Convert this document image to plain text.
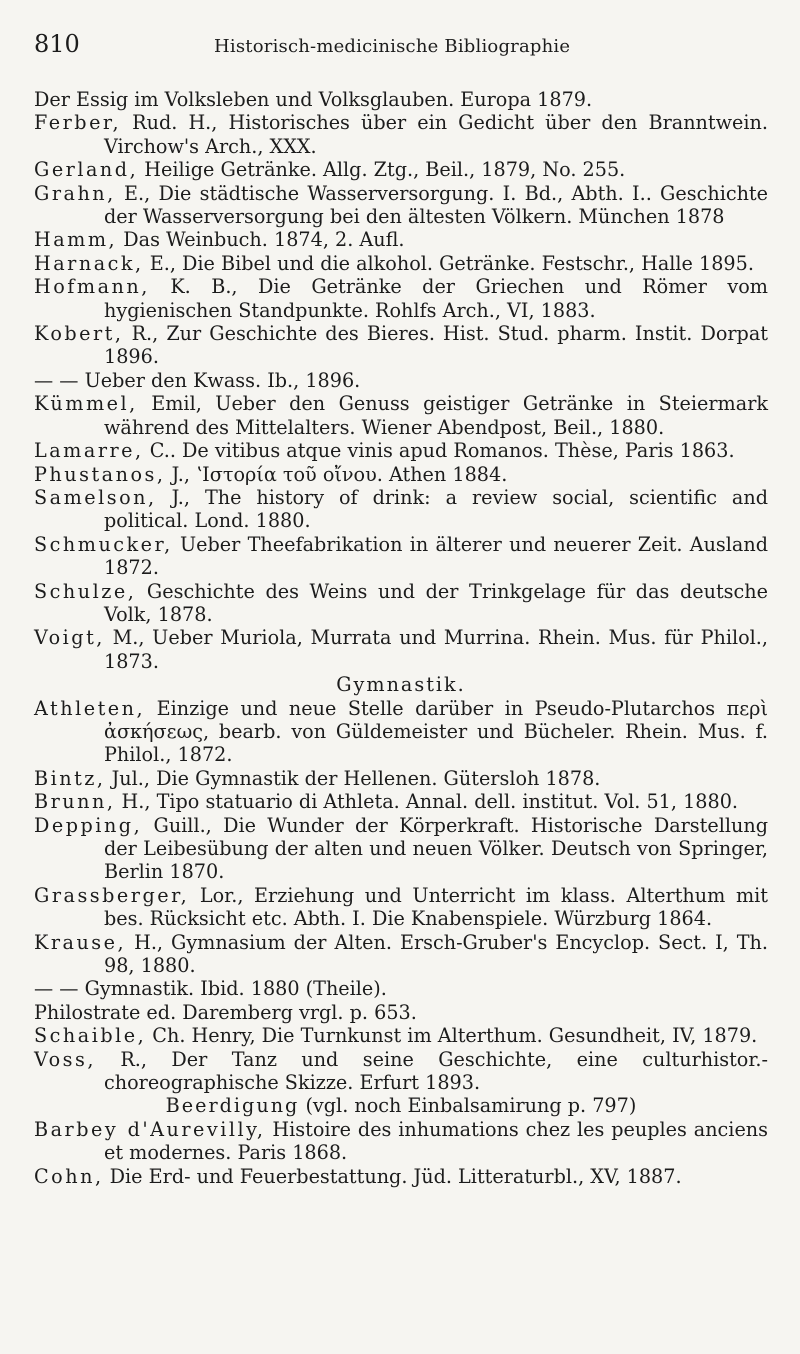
810	Historisch-medicinische Bibliographie

Der Essig im Volksleben und Volksglauben. Europa 1879.

Ferber, Rud. H., Historisches über ein Gedicht über den Branntwein. Virchow's Arch., XXX.

Gerland, Heilige Getränke. Allg. Ztg., Beil., 1879, No. 255.

Grahn, E., Die städtische Wasserversorgung. I. Bd., Abth. I.. Geschichte der Wasserversorgung bei den ältesten Völkern. München 1878

Hamm, Das Weinbuch. 1874, 2. Aufl.

Harnack, E., Die Bibel und die alkohol. Getränke. Festschr., Halle 1895.

Hofmann, K. B., Die Getränke der Griechen und Römer vom hygienischen Standpunkte. Rohlfs Arch., VI, 1883.

Kobert, R., Zur Geschichte des Bieres. Hist. Stud. pharm. Instit. Dorpat 1896.

— — Ueber den Kwass. Ib., 1896.

Kümmel, Emil, Ueber den Genuss geistiger Getränke in Steiermark während des Mittelalters. Wiener Abendpost, Beil., 1880.

Lamarre, C.. De vitibus atque vinis apud Romanos. Thèse, Paris 1863.

Phustanos, J., ʽΙστορία τοῦ οἴνου. Athen 1884.

Samelson, J., The history of drink: a review social, scientific and political. Lond. 1880.

Schmucker, Ueber Theefabrikation in älterer und neuerer Zeit. Ausland 1872.

Schulze, Geschichte des Weins und der Trinkgelage für das deutsche Volk, 1878.

Voigt, M., Ueber Muriola, Murrata und Murrina. Rhein. Mus. für Philol., 1873.

Gymnastik.

Athleten, Einzige und neue Stelle darüber in Pseudo-Plutarchos περὶ ἀσκήσεως, bearb. von Güldemeister und Bücheler. Rhein. Mus. f. Philol., 1872.

Bintz, Jul., Die Gymnastik der Hellenen. Gütersloh 1878.

Brunn, H., Tipo statuario di Athleta. Annal. dell. institut. Vol. 51, 1880.

Depping, Guill., Die Wunder der Körperkraft. Historische Darstellung der Leibesübung der alten und neuen Völker. Deutsch von Springer, Berlin 1870.

Grassberger, Lor., Erziehung und Unterricht im klass. Alterthum mit bes. Rücksicht etc. Abth. I. Die Knabenspiele. Würzburg 1864.

Krause, H., Gymnasium der Alten. Ersch-Gruber's Encyclop. Sect. I, Th. 98, 1880.

— — Gymnastik. Ibid. 1880 (Theile).

Philostrate ed. Daremberg vrgl. p. 653.

Schaible, Ch. Henry, Die Turnkunst im Alterthum. Gesundheit, IV, 1879.

Voss, R., Der Tanz und seine Geschichte, eine culturhistor.-choreographische Skizze. Erfurt 1893.

Beerdigung (vgl. noch Einbalsamirung p. 797)

Barbey d'Aurevilly, Histoire des inhumations chez les peuples anciens et modernes. Paris 1868.

Cohn, Die Erd- und Feuerbestattung. Jüd. Litteraturbl., XV, 1887.
